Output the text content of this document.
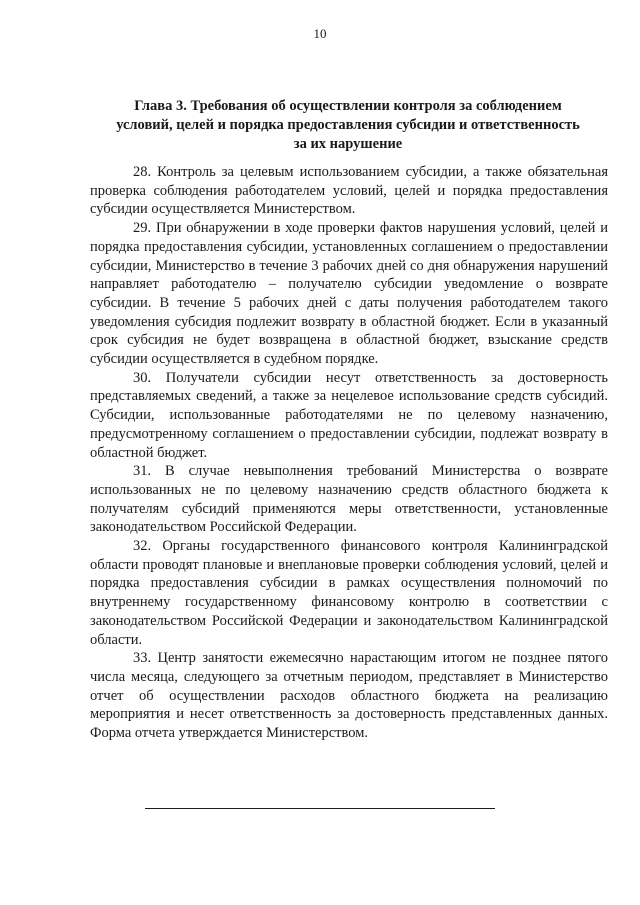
10
Глава 3. Требования об осуществлении контроля за соблюдением
условий, целей и порядка предоставления субсидии и ответственность
за их нарушение

28. Контроль за целевым использованием субсидии, а также обязательная проверка соблюдения работодателем условий, целей и порядка предоставления субсидии осуществляется Министерством.

29. При обнаружении в ходе проверки фактов нарушения условий, целей и порядка предоставления субсидии, установленных соглашением о предоставлении субсидии, Министерство в течение 3 рабочих дней со дня обнаружения нарушений направляет работодателю – получателю субсидии уведомление о возврате субсидии. В течение 5 рабочих дней с даты получения работодателем такого уведомления субсидия подлежит возврату в областной бюджет. Если в указанный срок субсидия не будет возвращена в областной бюджет, взыскание средств субсидии осуществляется в судебном порядке.

30. Получатели субсидии несут ответственность за достоверность представляемых сведений, а также за нецелевое использование средств субсидий. Субсидии, использованные работодателями не по целевому назначению, предусмотренному соглашением о предоставлении субсидии, подлежат возврату в областной бюджет.

31. В случае невыполнения требований Министерства о возврате использованных не по целевому назначению средств областного бюджета к получателям субсидий применяются меры ответственности, установленные законодательством Российской Федерации.

32. Органы государственного финансового контроля Калининградской области проводят плановые и внеплановые проверки соблюдения условий, целей и порядка предоставления субсидии в рамках осуществления полномочий по внутреннему государственному финансовому контролю в соответствии с законодательством Российской Федерации и законодательством Калининградской области.

33. Центр занятости ежемесячно нарастающим итогом не позднее пятого числа месяца, следующего за отчетным периодом, представляет в Министерство отчет об осуществлении расходов областного бюджета на реализацию мероприятия и несет ответственность за достоверность представленных данных. Форма отчета утверждается Министерством.
